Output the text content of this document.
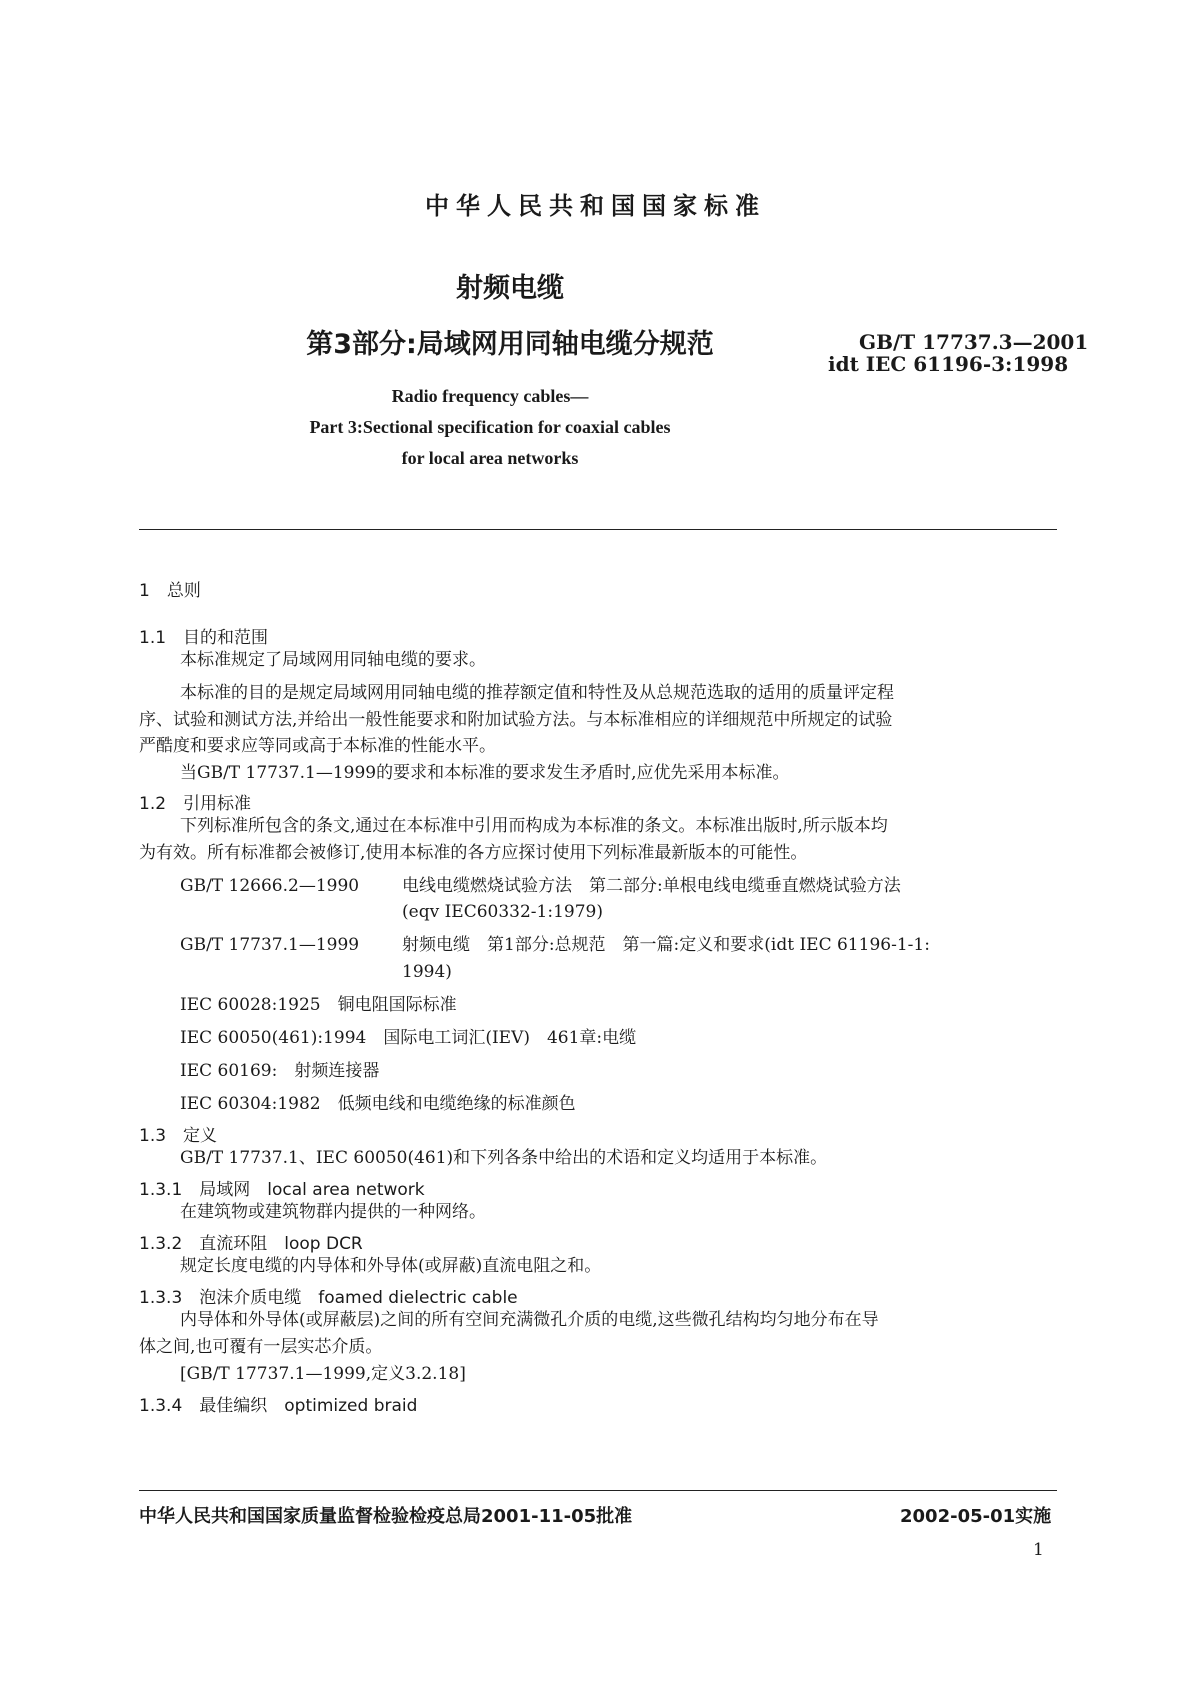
中华人民共和国国家标准
射频电缆
第3部分:局域网用同轴电缆分规范	GB/T 17737.3—2001
idt IEC 61196-3:1998
Radio frequency cables—
Part 3:Sectional specification for coaxial cables
for local area networks
1　总则
1.1　目的和范围
本标准规定了局域网用同轴电缆的要求。
本标准的目的是规定局域网用同轴电缆的推荐额定值和特性及从总规范选取的适用的质量评定程
序、试验和测试方法,并给出一般性能要求和附加试验方法。与本标准相应的详细规范中所规定的试验
严酷度和要求应等同或高于本标准的性能水平。
当GB/T 17737.1—1999的要求和本标准的要求发生矛盾时,应优先采用本标准。
1.2　引用标准
下列标准所包含的条文,通过在本标准中引用而构成为本标准的条文。本标准出版时,所示版本均
为有效。所有标准都会被修订,使用本标准的各方应探讨使用下列标准最新版本的可能性。
GB/T 12666.2—1990	电线电缆燃烧试验方法　第二部分:单根电线电缆垂直燃烧试验方法
(eqv IEC60332-1:1979)
GB/T 17737.1—1999	射频电缆　第1部分:总规范　第一篇:定义和要求(idt IEC 61196-1-1:
1994)
IEC 60028:1925　铜电阻国际标准
IEC 60050(461):1994　国际电工词汇(IEV)　461章:电缆
IEC 60169:　射频连接器
IEC 60304:1982　低频电线和电缆绝缘的标准颜色
1.3　定义
GB/T 17737.1、IEC 60050(461)和下列各条中给出的术语和定义均适用于本标准。
1.3.1　局域网　local area network
在建筑物或建筑物群内提供的一种网络。
1.3.2　直流环阻　loop DCR
规定长度电缆的内导体和外导体(或屏蔽)直流电阻之和。
1.3.3　泡沫介质电缆　foamed dielectric cable
内导体和外导体(或屏蔽层)之间的所有空间充满微孔介质的电缆,这些微孔结构均匀地分布在导
体之间,也可覆有一层实芯介质。
[GB/T 17737.1—1999,定义3.2.18]
1.3.4　最佳编织　optimized braid
中华人民共和国国家质量监督检验检疫总局2001-11-05批准	2002-05-01实施
1
